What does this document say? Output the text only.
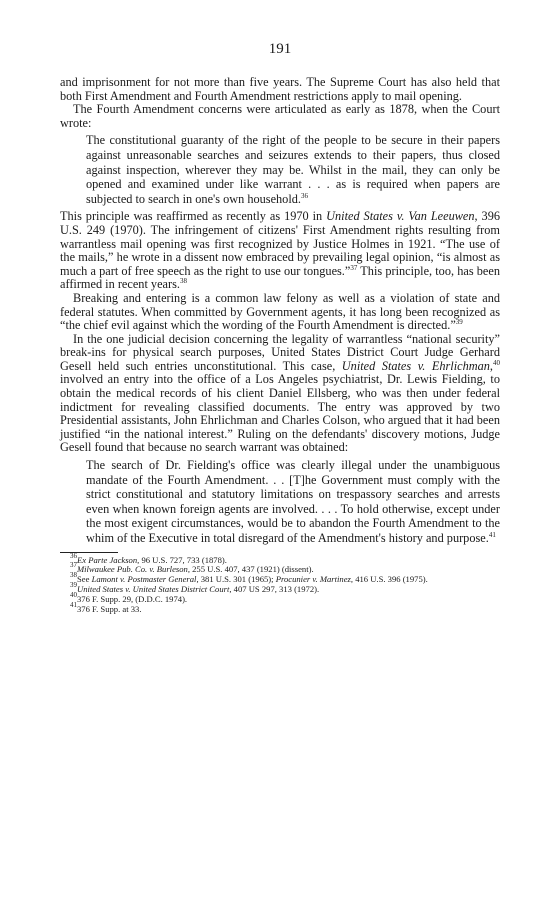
191

and imprisonment for not more than five years. The Supreme Court has also held that both First Amendment and Fourth Amendment restrictions apply to mail opening.

The Fourth Amendment concerns were articulated as early as 1878, when the Court wrote:

The constitutional guaranty of the right of the people to be secure in their papers against unreasonable searches and seizures extends to their papers, thus closed against inspection, wherever they may be. Whilst in the mail, they can only be opened and examined under like warrant . . . as is required when papers are subjected to search in one's own household.$^{36}$

This principle was reaffirmed as recently as 1970 in United States v. Van Leeuwen, 396 U.S. 249 (1970). The infringement of citizens' First Amendment rights resulting from warrantless mail opening was first recognized by Justice Holmes in 1921. “The use of the mails,” he wrote in a dissent now embraced by prevailing legal opinion, “is almost as much a part of free speech as the right to use our tongues.”$^{37}$ This principle, too, has been affirmed in recent years.$^{38}$

Breaking and entering is a common law felony as well as a violation of state and federal statutes. When committed by Government agents, it has long been recognized as “the chief evil against which the wording of the Fourth Amendment is directed.”$^{39}$

In the one judicial decision concerning the legality of warrantless “national security” break-ins for physical search purposes, United States District Court Judge Gerhard Gesell held such entries unconstitutional. This case, United States v. Ehrlichman,$^{40}$ involved an entry into the office of a Los Angeles psychiatrist, Dr. Lewis Fielding, to obtain the medical records of his client Daniel Ellsberg, who was then under federal indictment for revealing classified documents. The entry was approved by two Presidential assistants, John Ehrlichman and Charles Colson, who argued that it had been justified “in the national interest.” Ruling on the defendants' discovery motions, Judge Gesell found that because no search warrant was obtained:

The search of Dr. Fielding's office was clearly illegal under the unambiguous mandate of the Fourth Amendment. . . [T]he Government must comply with the strict constitutional and statutory limitations on trespassory searches and arrests even when known foreign agents are involved. . . . To hold otherwise, except under the most exigent circumstances, would be to abandon the Fourth Amendment to the whim of the Executive in total disregard of the Amendment's history and purpose.$^{41}$

$^{36}$Ex Parte Jackson, 96 U.S. 727, 733 (1878).

$^{37}$Milwaukee Pub. Co. v. Burleson, 255 U.S. 407, 437 (1921) (dissent).

$^{38}$See Lamont v. Postmaster General, 381 U.S. 301 (1965); Procunier v. Martinez, 416 U.S. 396 (1975).

$^{39}$United States v. United States District Court, 407 US 297, 313 (1972).

$^{40}$376 F. Supp. 29, (D.D.C. 1974).

$^{41}$376 F. Supp. at 33.
